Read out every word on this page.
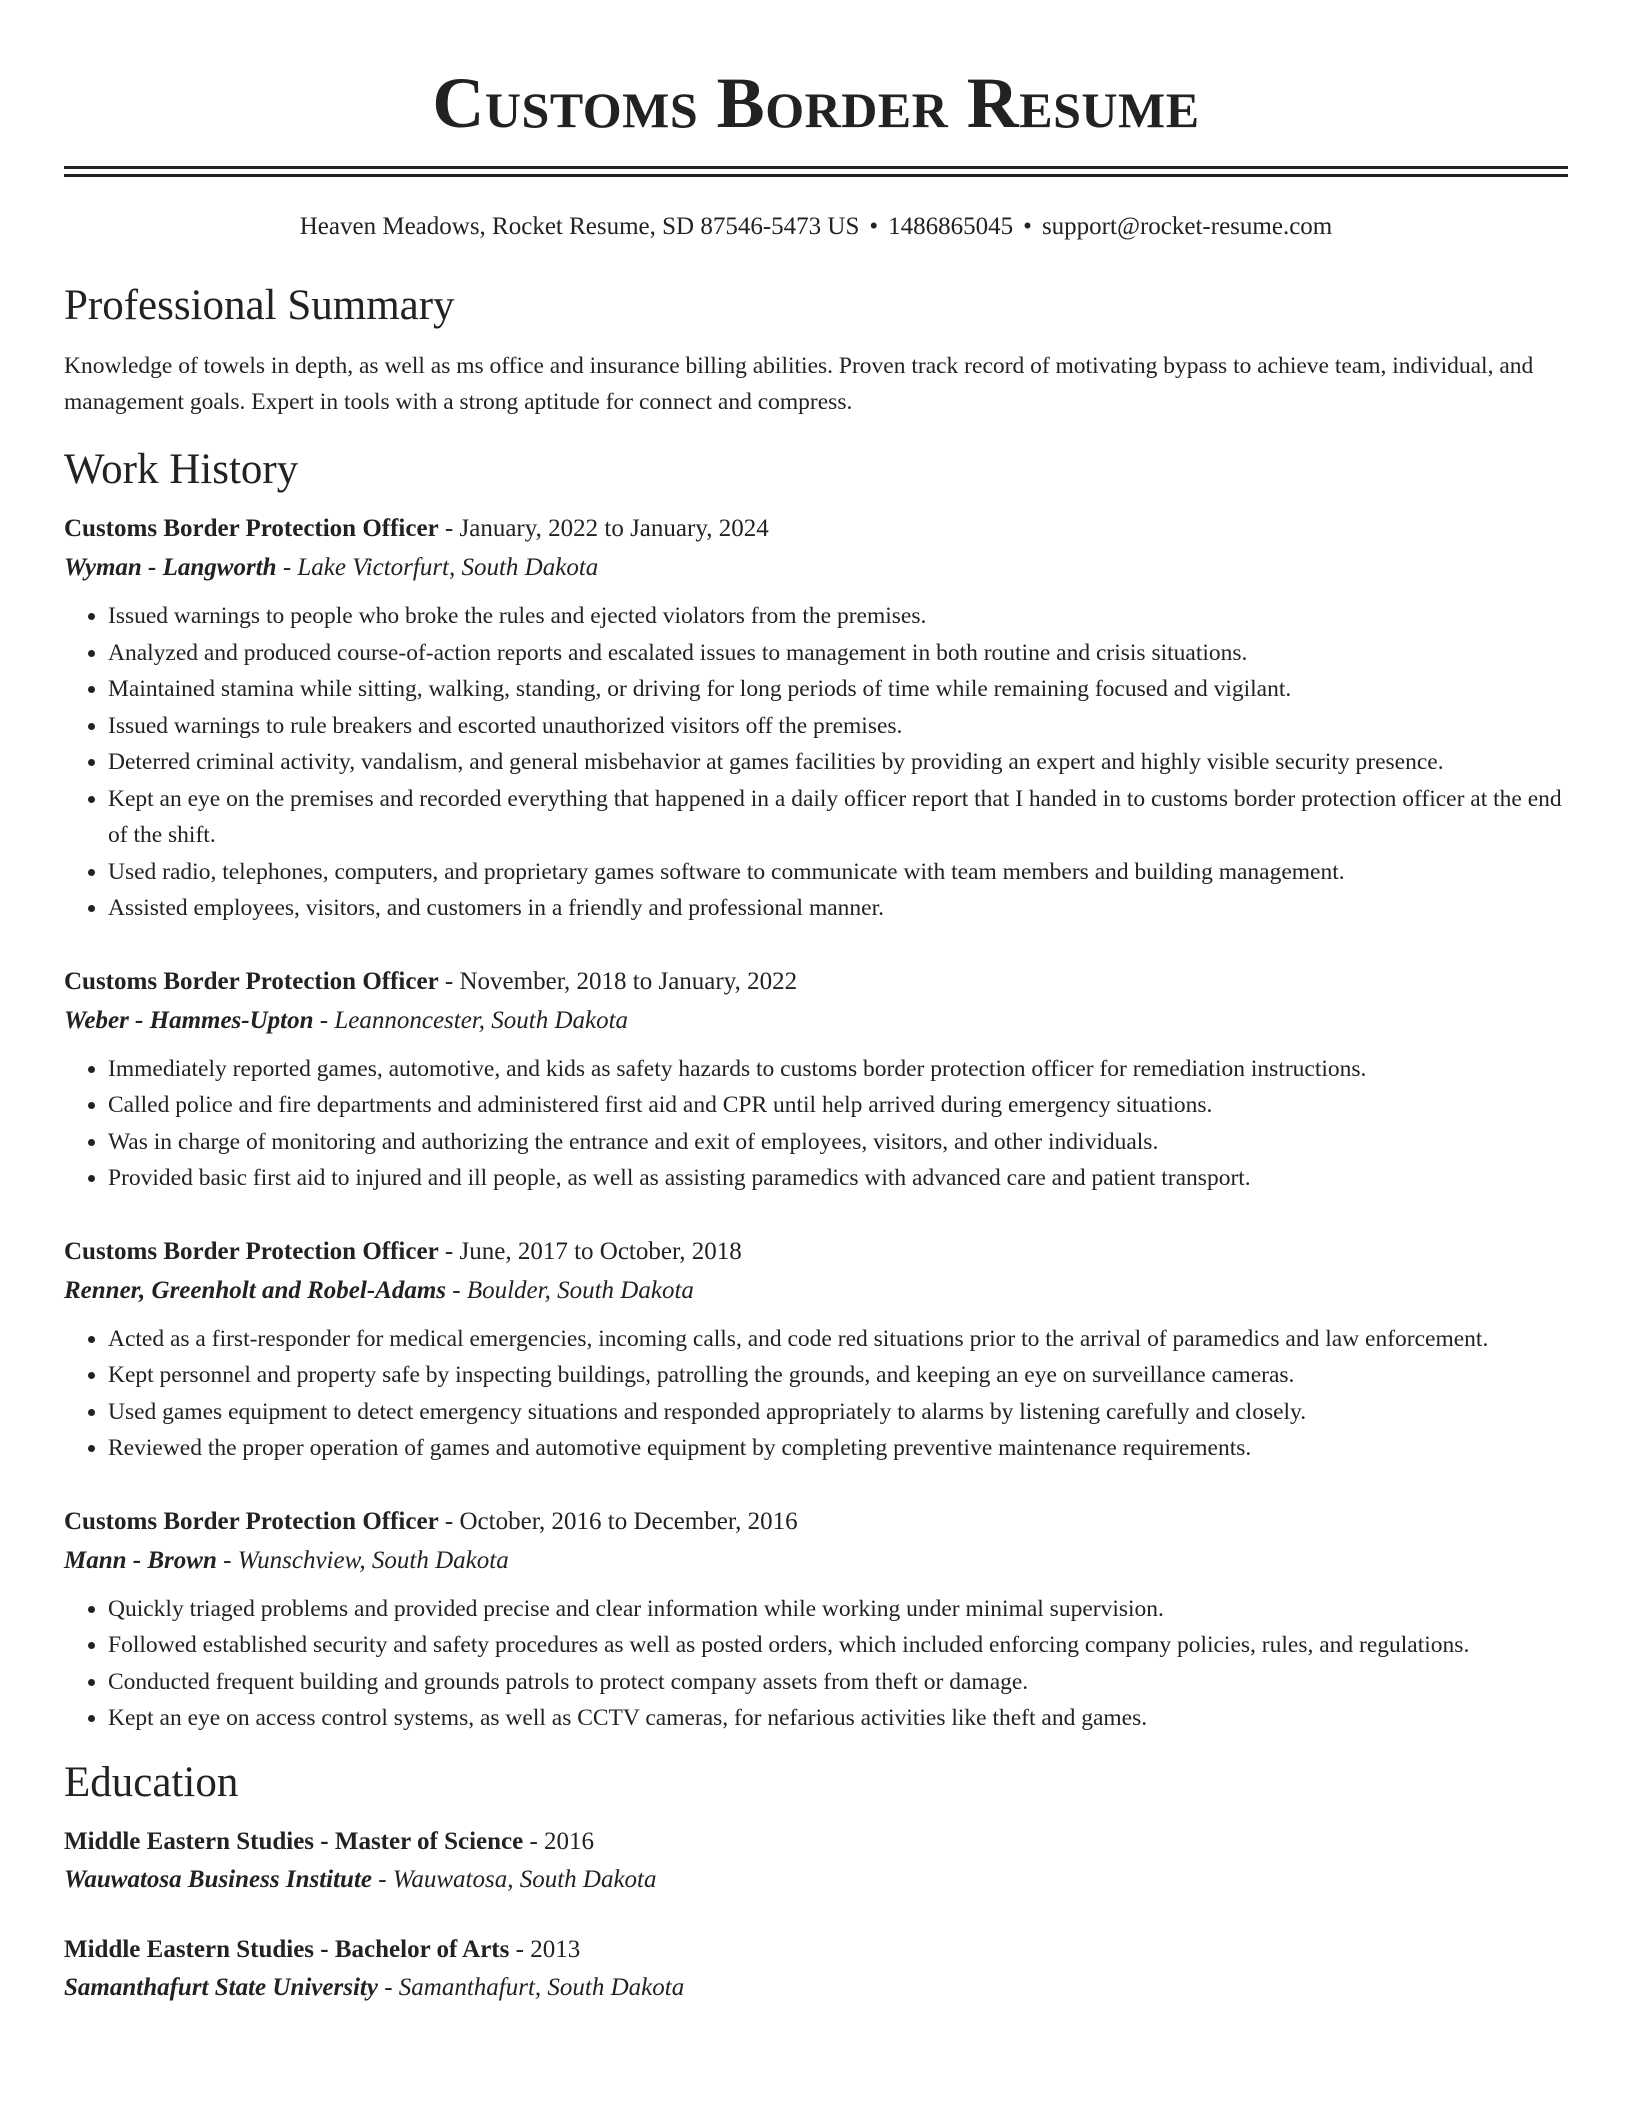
Customs Border Resume
Heaven Meadows, Rocket Resume, SD 87546-5473 US • 1486865045 • support@rocket-resume.com
Professional Summary

Knowledge of towels in depth, as well as ms office and insurance billing abilities. Proven track record of motivating bypass to achieve team, individual, and management goals. Expert in tools with a strong aptitude for connect and compress.

Work History
Customs Border Protection Officer - January, 2022 to January, 2024
Wyman - Langworth - Lake Victorfurt, South Dakota
• Issued warnings to people who broke the rules and ejected violators from the premises.
• Analyzed and produced course-of-action reports and escalated issues to management in both routine and crisis situations.
• Maintained stamina while sitting, walking, standing, or driving for long periods of time while remaining focused and vigilant.
• Issued warnings to rule breakers and escorted unauthorized visitors off the premises.
• Deterred criminal activity, vandalism, and general misbehavior at games facilities by providing an expert and highly visible security presence.
• Kept an eye on the premises and recorded everything that happened in a daily officer report that I handed in to customs border protection officer at the end of the shift.
• Used radio, telephones, computers, and proprietary games software to communicate with team members and building management.
• Assisted employees, visitors, and customers in a friendly and professional manner.
Customs Border Protection Officer - November, 2018 to January, 2022
Weber - Hammes-Upton - Leannoncester, South Dakota
• Immediately reported games, automotive, and kids as safety hazards to customs border protection officer for remediation instructions.
• Called police and fire departments and administered first aid and CPR until help arrived during emergency situations.
• Was in charge of monitoring and authorizing the entrance and exit of employees, visitors, and other individuals.
• Provided basic first aid to injured and ill people, as well as assisting paramedics with advanced care and patient transport.
Customs Border Protection Officer - June, 2017 to October, 2018
Renner, Greenholt and Robel-Adams - Boulder, South Dakota
• Acted as a first-responder for medical emergencies, incoming calls, and code red situations prior to the arrival of paramedics and law enforcement.
• Kept personnel and property safe by inspecting buildings, patrolling the grounds, and keeping an eye on surveillance cameras.
• Used games equipment to detect emergency situations and responded appropriately to alarms by listening carefully and closely.
• Reviewed the proper operation of games and automotive equipment by completing preventive maintenance requirements.
Customs Border Protection Officer - October, 2016 to December, 2016
Mann - Brown - Wunschview, South Dakota
• Quickly triaged problems and provided precise and clear information while working under minimal supervision.
• Followed established security and safety procedures as well as posted orders, which included enforcing company policies, rules, and regulations.
• Conducted frequent building and grounds patrols to protect company assets from theft or damage.
• Kept an eye on access control systems, as well as CCTV cameras, for nefarious activities like theft and games.
Education
Middle Eastern Studies - Master of Science - 2016
Wauwatosa Business Institute - Wauwatosa, South Dakota
Middle Eastern Studies - Bachelor of Arts - 2013
Samanthafurt State University - Samanthafurt, South Dakota
